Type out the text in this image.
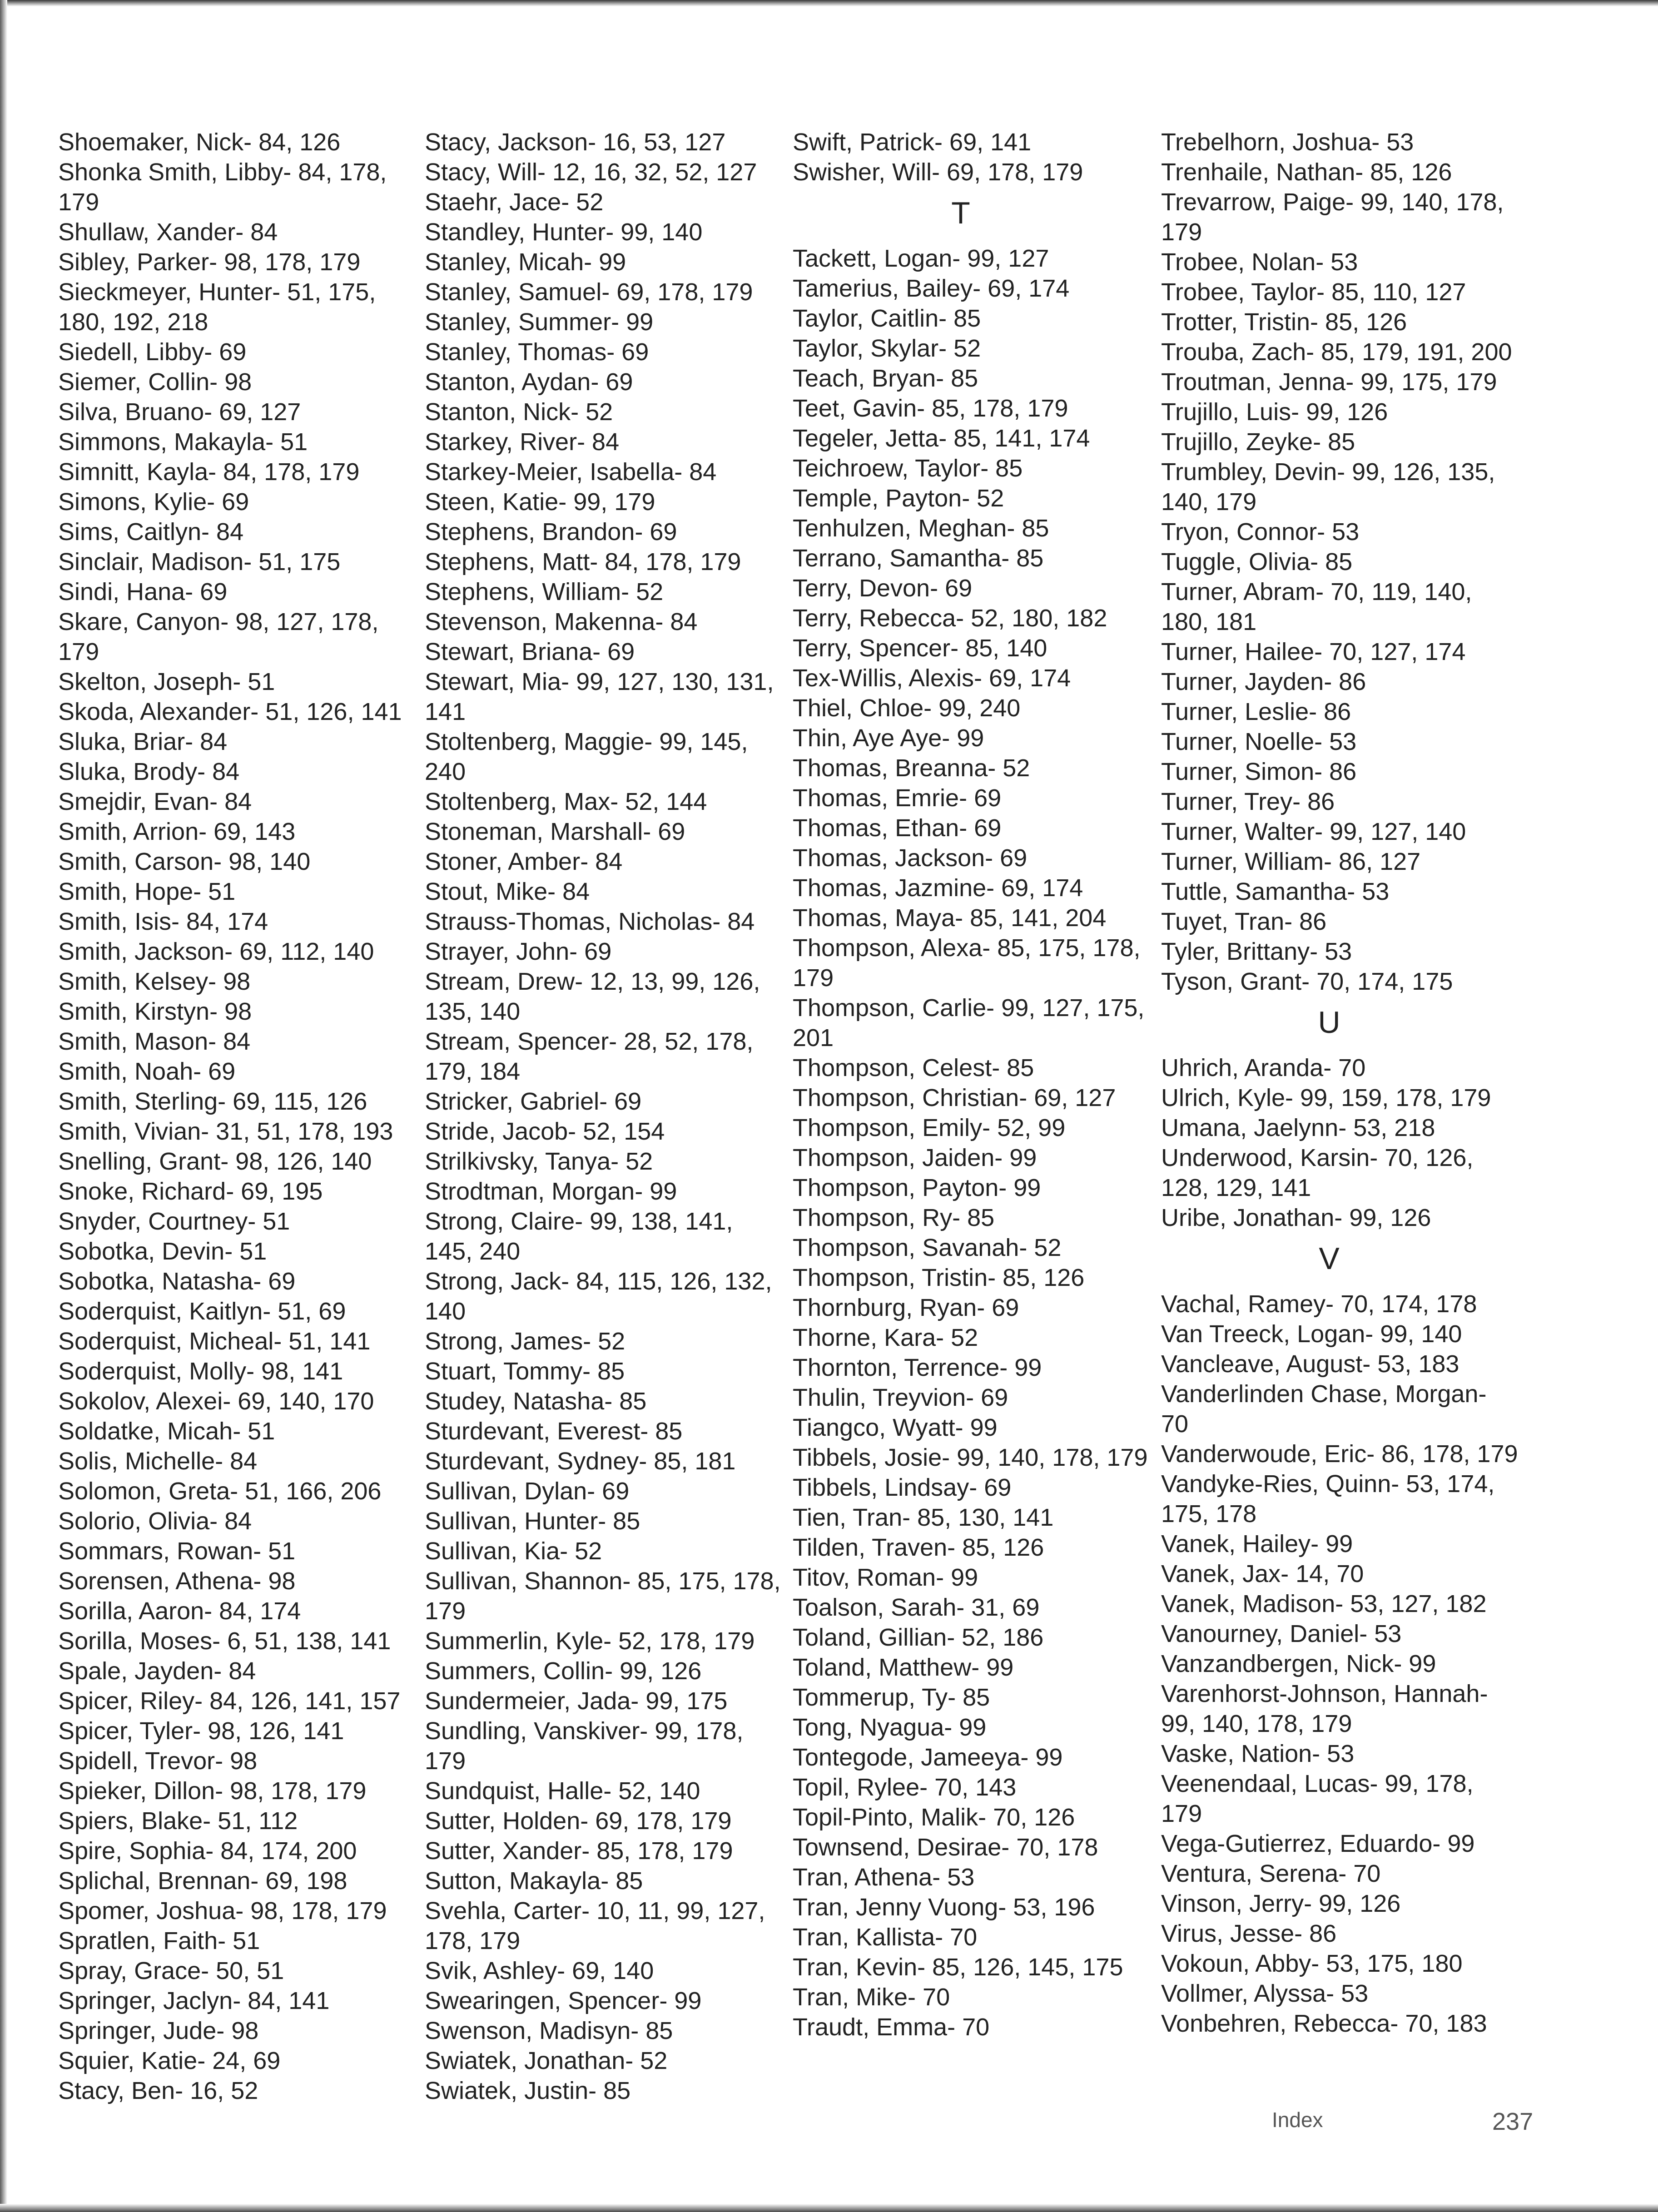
Shoemaker, Nick- 84, 126
Shonka Smith, Libby- 84, 178, 179
Shullaw, Xander- 84
Sibley, Parker- 98, 178, 179
Sieckmeyer, Hunter- 51, 175, 180, 192, 218
Siedell, Libby- 69
Siemer, Collin- 98
Silva, Bruano- 69, 127
Simmons, Makayla- 51
Simnitt, Kayla- 84, 178, 179
Simons, Kylie- 69
Sims, Caitlyn- 84
Sinclair, Madison- 51, 175
Sindi, Hana- 69
Skare, Canyon- 98, 127, 178, 179
Skelton, Joseph- 51
Skoda, Alexander- 51, 126, 141
Sluka, Briar- 84
Sluka, Brody- 84
Smejdir, Evan- 84
Smith, Arrion- 69, 143
Smith, Carson- 98, 140
Smith, Hope- 51
Smith, Isis- 84, 174
Smith, Jackson- 69, 112, 140
Smith, Kelsey- 98
Smith, Kirstyn- 98
Smith, Mason- 84
Smith, Noah- 69
Smith, Sterling- 69, 115, 126
Smith, Vivian- 31, 51, 178, 193
Snelling, Grant- 98, 126, 140
Snoke, Richard- 69, 195
Snyder, Courtney- 51
Sobotka, Devin- 51
Sobotka, Natasha- 69
Soderquist, Kaitlyn- 51, 69
Soderquist, Micheal- 51, 141
Soderquist, Molly- 98, 141
Sokolov, Alexei- 69, 140, 170
Soldatke, Micah- 51
Solis, Michelle- 84
Solomon, Greta- 51, 166, 206
Solorio, Olivia- 84
Sommars, Rowan- 51
Sorensen, Athena- 98
Sorilla, Aaron- 84, 174
Sorilla, Moses- 6, 51, 138, 141
Spale, Jayden- 84
Spicer, Riley- 84, 126, 141, 157
Spicer, Tyler- 98, 126, 141
Spidell, Trevor- 98
Spieker, Dillon- 98, 178, 179
Spiers, Blake- 51, 112
Spire, Sophia- 84, 174, 200
Splichal, Brennan- 69, 198
Spomer, Joshua- 98, 178, 179
Spratlen, Faith- 51
Spray, Grace- 50, 51
Springer, Jaclyn- 84, 141
Springer, Jude- 98
Squier, Katie- 24, 69
Stacy, Ben- 16, 52
Stacy, Jackson- 16, 53, 127
Stacy, Will- 12, 16, 32, 52, 127
Staehr, Jace- 52
Standley, Hunter- 99, 140
Stanley, Micah- 99
Stanley, Samuel- 69, 178, 179
Stanley, Summer- 99
Stanley, Thomas- 69
Stanton, Aydan- 69
Stanton, Nick- 52
Starkey, River- 84
Starkey-Meier, Isabella- 84
Steen, Katie- 99, 179
Stephens, Brandon- 69
Stephens, Matt- 84, 178, 179
Stephens, William- 52
Stevenson, Makenna- 84
Stewart, Briana- 69
Stewart, Mia- 99, 127, 130, 131, 141
Stoltenberg, Maggie- 99, 145, 240
Stoltenberg, Max- 52, 144
Stoneman, Marshall- 69
Stoner, Amber- 84
Stout, Mike- 84
Strauss-Thomas, Nicholas- 84
Strayer, John- 69
Stream, Drew- 12, 13, 99, 126, 135, 140
Stream, Spencer- 28, 52, 178, 179, 184
Stricker, Gabriel- 69
Stride, Jacob- 52, 154
Strilkivsky, Tanya- 52
Strodtman, Morgan- 99
Strong, Claire- 99, 138, 141, 145, 240
Strong, Jack- 84, 115, 126, 132, 140
Strong, James- 52
Stuart, Tommy- 85
Studey, Natasha- 85
Sturdevant, Everest- 85
Sturdevant, Sydney- 85, 181
Sullivan, Dylan- 69
Sullivan, Hunter- 85
Sullivan, Kia- 52
Sullivan, Shannon- 85, 175, 178, 179
Summerlin, Kyle- 52, 178, 179
Summers, Collin- 99, 126
Sundermeier, Jada- 99, 175
Sundling, Vanskiver- 99, 178, 179
Sundquist, Halle- 52, 140
Sutter, Holden- 69, 178, 179
Sutter, Xander- 85, 178, 179
Sutton, Makayla- 85
Svehla, Carter- 10, 11, 99, 127, 178, 179
Svik, Ashley- 69, 140
Swearingen, Spencer- 99
Swenson, Madisyn- 85
Swiatek, Jonathan- 52
Swiatek, Justin- 85
Swift, Patrick- 69, 141
Swisher, Will- 69, 178, 179
T
Tackett, Logan- 99, 127
Tamerius, Bailey- 69, 174
Taylor, Caitlin- 85
Taylor, Skylar- 52
Teach, Bryan- 85
Teet, Gavin- 85, 178, 179
Tegeler, Jetta- 85, 141, 174
Teichroew, Taylor- 85
Temple, Payton- 52
Tenhulzen, Meghan- 85
Terrano, Samantha- 85
Terry, Devon- 69
Terry, Rebecca- 52, 180, 182
Terry, Spencer- 85, 140
Tex-Willis, Alexis- 69, 174
Thiel, Chloe- 99, 240
Thin, Aye Aye- 99
Thomas, Breanna- 52
Thomas, Emrie- 69
Thomas, Ethan- 69
Thomas, Jackson- 69
Thomas, Jazmine- 69, 174
Thomas, Maya- 85, 141, 204
Thompson, Alexa- 85, 175, 178, 179
Thompson, Carlie- 99, 127, 175, 201
Thompson, Celest- 85
Thompson, Christian- 69, 127
Thompson, Emily- 52, 99
Thompson, Jaiden- 99
Thompson, Payton- 99
Thompson, Ry- 85
Thompson, Savanah- 52
Thompson, Tristin- 85, 126
Thornburg, Ryan- 69
Thorne, Kara- 52
Thornton, Terrence- 99
Thulin, Treyvion- 69
Tiangco, Wyatt- 99
Tibbels, Josie- 99, 140, 178, 179
Tibbels, Lindsay- 69
Tien, Tran- 85, 130, 141
Tilden, Traven- 85, 126
Titov, Roman- 99
Toalson, Sarah- 31, 69
Toland, Gillian- 52, 186
Toland, Matthew- 99
Tommerup, Ty- 85
Tong, Nyagua- 99
Tontegode, Jameeya- 99
Topil, Rylee- 70, 143
Topil-Pinto, Malik- 70, 126
Townsend, Desirae- 70, 178
Tran, Athena- 53
Tran, Jenny Vuong- 53, 196
Tran, Kallista- 70
Tran, Kevin- 85, 126, 145, 175
Tran, Mike- 70
Traudt, Emma- 70
Trebelhorn, Joshua- 53
Trenhaile, Nathan- 85, 126
Trevarrow, Paige- 99, 140, 178, 179
Trobee, Nolan- 53
Trobee, Taylor- 85, 110, 127
Trotter, Tristin- 85, 126
Trouba, Zach- 85, 179, 191, 200
Troutman, Jenna- 99, 175, 179
Trujillo, Luis- 99, 126
Trujillo, Zeyke- 85
Trumbley, Devin- 99, 126, 135, 140, 179
Tryon, Connor- 53
Tuggle, Olivia- 85
Turner, Abram- 70, 119, 140, 180, 181
Turner, Hailee- 70, 127, 174
Turner, Jayden- 86
Turner, Leslie- 86
Turner, Noelle- 53
Turner, Simon- 86
Turner, Trey- 86
Turner, Walter- 99, 127, 140
Turner, William- 86, 127
Tuttle, Samantha- 53
Tuyet, Tran- 86
Tyler, Brittany- 53
Tyson, Grant- 70, 174, 175
U
Uhrich, Aranda- 70
Ulrich, Kyle- 99, 159, 178, 179
Umana, Jaelynn- 53, 218
Underwood, Karsin- 70, 126, 128, 129, 141
Uribe, Jonathan- 99, 126
V
Vachal, Ramey- 70, 174, 178
Van Treeck, Logan- 99, 140
Vancleave, August- 53, 183
Vanderlinden Chase, Morgan- 70
Vanderwoude, Eric- 86, 178, 179
Vandyke-Ries, Quinn- 53, 174, 175, 178
Vanek, Hailey- 99
Vanek, Jax- 14, 70
Vanek, Madison- 53, 127, 182
Vanourney, Daniel- 53
Vanzandbergen, Nick- 99
Varenhorst-Johnson, Hannah- 99, 140, 178, 179
Vaske, Nation- 53
Veenendaal, Lucas- 99, 178, 179
Vega-Gutierrez, Eduardo- 99
Ventura, Serena- 70
Vinson, Jerry- 99, 126
Virus, Jesse- 86
Vokoun, Abby- 53, 175, 180
Vollmer, Alyssa- 53
Vonbehren, Rebecca- 70, 183
Index	237
